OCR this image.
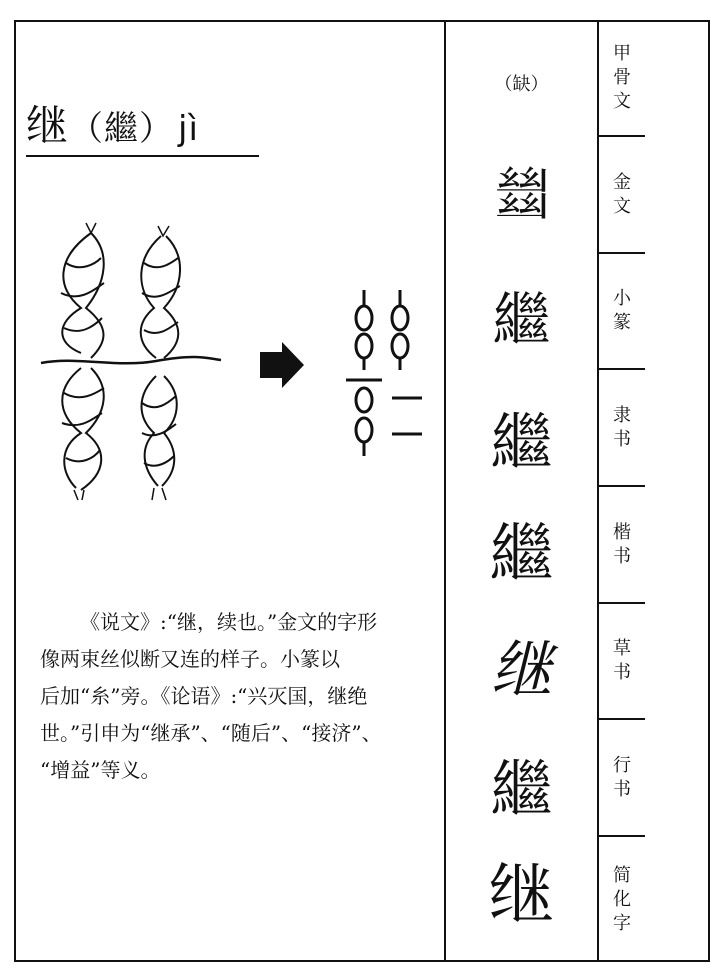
继（繼） jì

《说文》:“继，续也。”金文的字形

像两束丝似断又连的样子。小篆以

后加“糸”旁。《论语》:“兴灭国，继绝

世。”引申为“继承”、“随后”、“接济”、

“增益”等义。

（缺）
𢇍
繼
繼
繼
继
繼
继
甲
骨
文
金
文
小
篆
隶
书
楷
书
草
书
行
书
简
化
字
